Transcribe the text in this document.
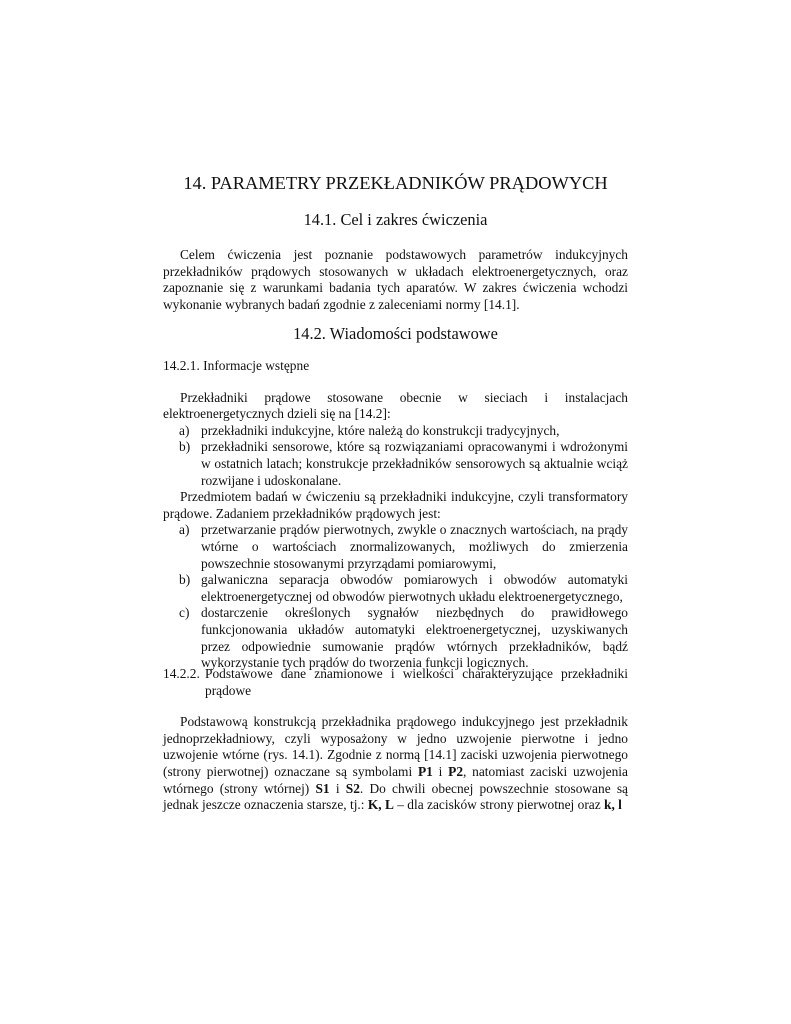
14. PARAMETRY PRZEKŁADNIKÓW PRĄDOWYCH
14.1. Cel i zakres ćwiczenia

Celem ćwiczenia jest poznanie podstawowych parametrów indukcyjnych przekładników prądowych stosowanych w układach elektroenergetycznych, oraz zapoznanie się z warunkami badania tych aparatów. W zakres ćwiczenia wchodzi wykonanie wybranych badań zgodnie z zaleceniami normy [14.1].

14.2. Wiadomości podstawowe

14.2.1. Informacje wstępne

Przekładniki prądowe stosowane obecnie w sieciach i instalacjach elektroenergetycznych dzieli się na [14.2]:

a) przekładniki indukcyjne, które należą do konstrukcji tradycyjnych,
b) przekładniki sensorowe, które są rozwiązaniami opracowanymi i wdrożonymi w ostatnich latach; konstrukcje przekładników sensorowych są aktualnie wciąż rozwijane i udoskonalane.

Przedmiotem badań w ćwiczeniu są przekładniki indukcyjne, czyli transformatory prądowe. Zadaniem przekładników prądowych jest:

a) przetwarzanie prądów pierwotnych, zwykle o znacznych wartościach, na prądy wtórne o wartościach znormalizowanych, możliwych do zmierzenia powszechnie stosowanymi przyrządami pomiarowymi,
b) galwaniczna separacja obwodów pomiarowych i obwodów automatyki elektroenergetycznej od obwodów pierwotnych układu elektroenergetycznego,
c) dostarczenie określonych sygnałów niezbędnych do prawidłowego funkcjonowania układów automatyki elektroenergetycznej, uzyskiwanych przez odpowiednie sumowanie prądów wtórnych przekładników, bądź wykorzystanie tych prądów do tworzenia funkcji logicznych.
14.2.2. Podstawowe dane znamionowe i wielkości charakteryzujące przekładniki prądowe

Podstawową konstrukcją przekładnika prądowego indukcyjnego jest przekładnik jednoprzekładniowy, czyli wyposażony w jedno uzwojenie pierwotne i jedno uzwojenie wtórne (rys. 14.1). Zgodnie z normą [14.1] zaciski uzwojenia pierwotnego (strony pierwotnej) oznaczane są symbolami P1 i P2, natomiast zaciski uzwojenia wtórnego (strony wtórnej) S1 i S2. Do chwili obecnej powszechnie stosowane są jednak jeszcze oznaczenia starsze, tj.: K, L – dla zacisków strony pierwotnej oraz k, l
